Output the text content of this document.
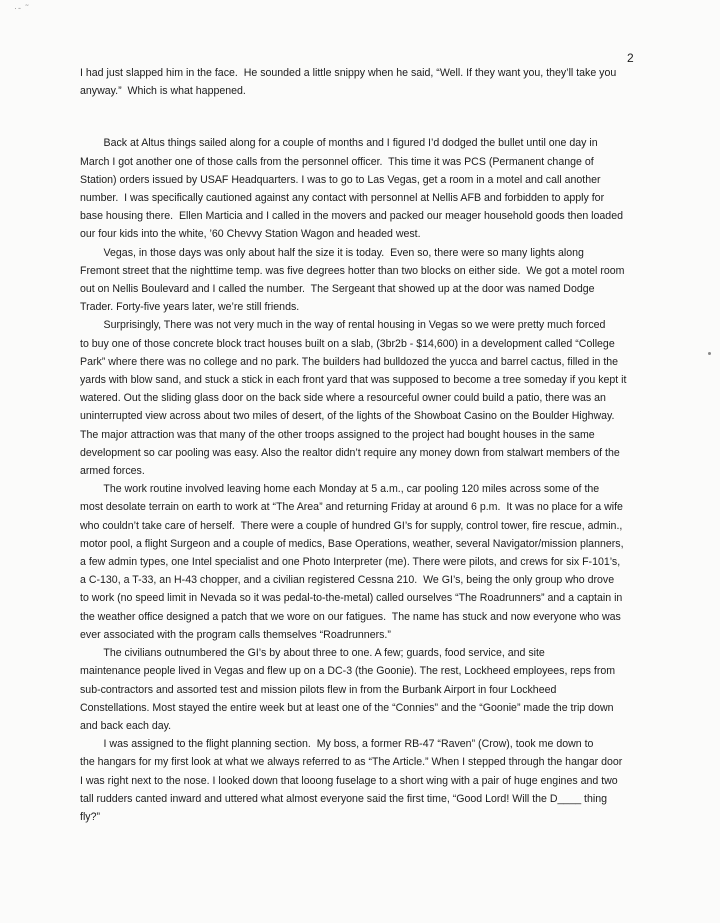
·- ˜
2
I had just slapped him in the face.  He sounded a little snippy when he said, “Well. If they want you, they’ll take you
anyway.”  Which is what happened.
Back at Altus things sailed along for a couple of months and I figured I’d dodged the bullet until one day in
March I got another one of those calls from the personnel officer.  This time it was PCS (Permanent change of
Station) orders issued by USAF Headquarters. I was to go to Las Vegas, get a room in a motel and call another
number.  I was specifically cautioned against any contact with personnel at Nellis AFB and forbidden to apply for
base housing there.  Ellen Marticia and I called in the movers and packed our meager household goods then loaded
our four kids into the white, ’60 Chevvy Station Wagon and headed west.
Vegas, in those days was only about half the size it is today.  Even so, there were so many lights along
Fremont street that the nighttime temp. was five degrees hotter than two blocks on either side.  We got a motel room
out on Nellis Boulevard and I called the number.  The Sergeant that showed up at the door was named Dodge
Trader. Forty-five years later, we’re still friends.
Surprisingly, There was not very much in the way of rental housing in Vegas so we were pretty much forced
to buy one of those concrete block tract houses built on a slab, (3br2b - $14,600) in a development called “College
Park” where there was no college and no park. The builders had bulldozed the yucca and barrel cactus, filled in the
yards with blow sand, and stuck a stick in each front yard that was supposed to become a tree someday if you kept it
watered. Out the sliding glass door on the back side where a resourceful owner could build a patio, there was an
uninterrupted view across about two miles of desert, of the lights of the Showboat Casino on the Boulder Highway.
The major attraction was that many of the other troops assigned to the project had bought houses in the same
development so car pooling was easy. Also the realtor didn’t require any money down from stalwart members of the
armed forces.
The work routine involved leaving home each Monday at 5 a.m., car pooling 120 miles across some of the
most desolate terrain on earth to work at “The Area” and returning Friday at around 6 p.m.  It was no place for a wife
who couldn’t take care of herself.  There were a couple of hundred GI’s for supply, control tower, fire rescue, admin.,
motor pool, a flight Surgeon and a couple of medics, Base Operations, weather, several Navigator/mission planners,
a few admin types, one Intel specialist and one Photo Interpreter (me). There were pilots, and crews for six F-101’s,
a C-130, a T-33, an H-43 chopper, and a civilian registered Cessna 210.  We GI’s, being the only group who drove
to work (no speed limit in Nevada so it was pedal-to-the-metal) called ourselves “The Roadrunners” and a captain in
the weather office designed a patch that we wore on our fatigues.  The name has stuck and now everyone who was
ever associated with the program calls themselves “Roadrunners.”
The civilians outnumbered the GI’s by about three to one. A few; guards, food service, and site
maintenance people lived in Vegas and flew up on a DC-3 (the Goonie). The rest, Lockheed employees, reps from
sub-contractors and assorted test and mission pilots flew in from the Burbank Airport in four Lockheed
Constellations. Most stayed the entire week but at least one of the “Connies” and the “Goonie” made the trip down
and back each day.
I was assigned to the flight planning section.  My boss, a former RB-47 “Raven” (Crow), took me down to
the hangars for my first look at what we always referred to as “The Article.” When I stepped through the hangar door
I was right next to the nose. I looked down that looong fuselage to a short wing with a pair of huge engines and two
tall rudders canted inward and uttered what almost everyone said the first time, “Good Lord! Will the D____ thing
fly?”
